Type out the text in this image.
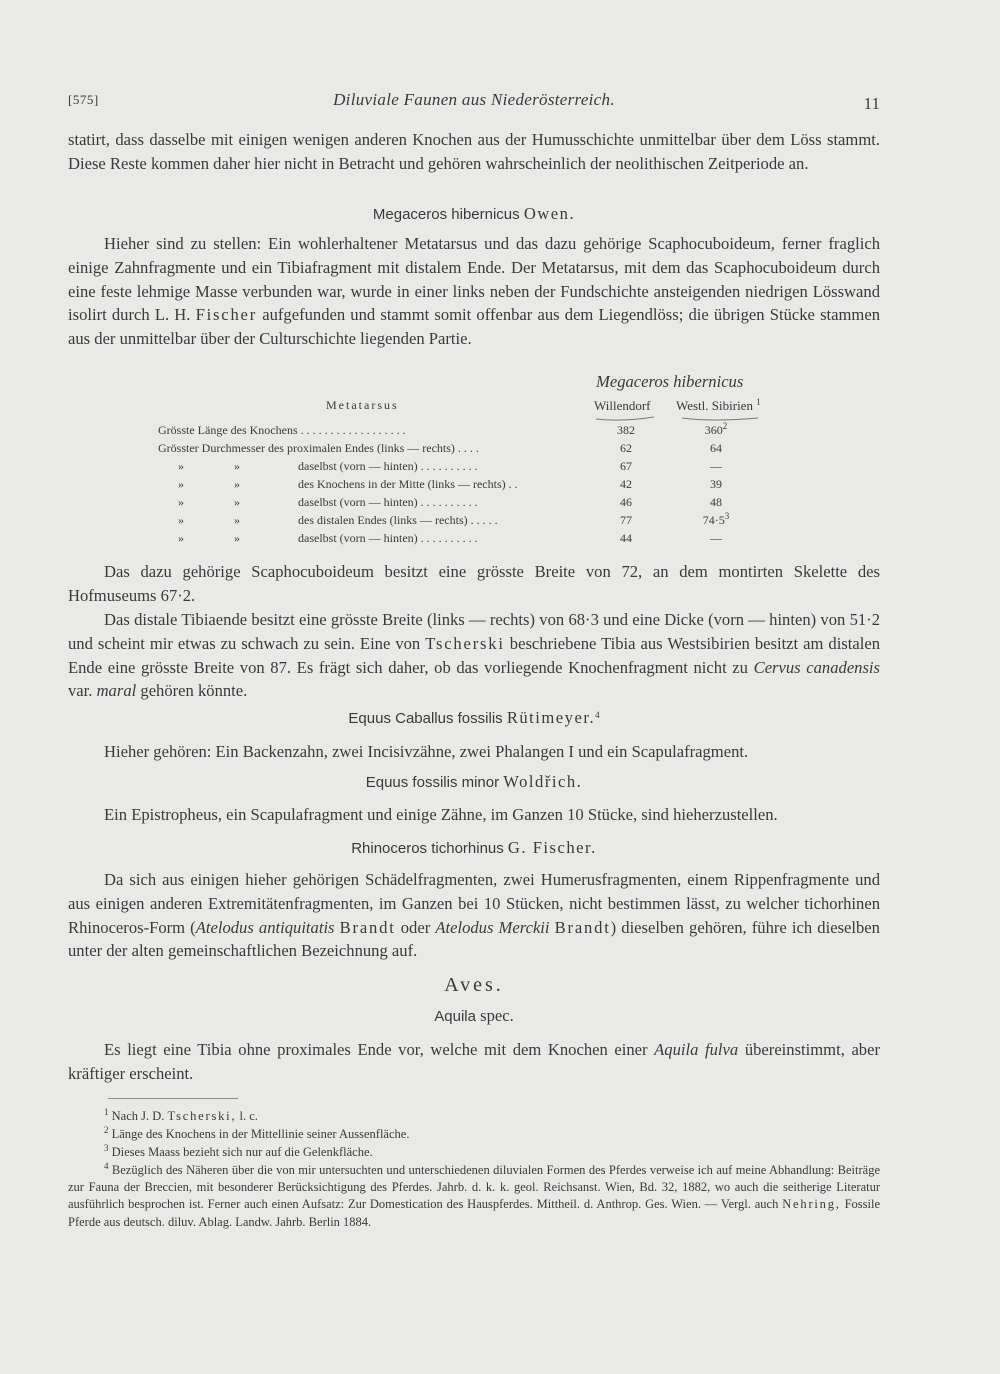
[575]	Diluviale Faunen aus Niederösterreich.	11
statirt, dass dasselbe mit einigen wenigen anderen Knochen aus der Humusschichte unmittelbar über dem Löss stammt. Diese Reste kommen daher hier nicht in Betracht und gehören wahrscheinlich der neolithischen Zeitperiode an.
Megaceros hibernicus Owen.
Hieher sind zu stellen: Ein wohlerhaltener Metatarsus und das dazu gehörige Scaphocuboideum, ferner fraglich einige Zahnfragmente und ein Tibiafragment mit distalem Ende. Der Metatarsus, mit dem das Scaphocuboideum durch eine feste lehmige Masse verbunden war, wurde in einer links neben der Fundschichte ansteigenden niedrigen Lösswand isolirt durch L. H. Fischer aufgefunden und stammt somit offenbar aus dem Liegendlöss; die übrigen Stücke stammen aus der unmittelbar über der Culturschichte liegenden Partie.
Megaceros hibernicus
Metatarsus	Willendorf Westl. Sibirien $^1$
Grösste Länge des Knochens . . . . . . . . . . . . . . . . . .	382	$360^2$
Grösster Durchmesser des proximalen Endes (links — rechts) . . . .	62	64
»	»	daselbst (vorn — hinten) . . . . . . . . . .	67	—
»	»	des Knochens in der Mitte (links — rechts) . .	42	39
»	»	daselbst (vorn — hinten) . . . . . . . . . .	46	48
»	»	des distalen Endes (links — rechts) . . . . .	77	$74\cdot 5^3$
»	»	daselbst (vorn — hinten) . . . . . . . . . .	44	—
Das dazu gehörige Scaphocuboideum besitzt eine grösste Breite von 72, an dem montirten Skelette des Hofmuseums 67·2.
Das distale Tibiaende besitzt eine grösste Breite (links — rechts) von 68·3 und eine Dicke (vorn — hinten) von 51·2 und scheint mir etwas zu schwach zu sein. Eine von Tscherski beschriebene Tibia aus Westsibirien besitzt am distalen Ende eine grösste Breite von 87. Es frägt sich daher, ob das vorliegende Knochenfragment nicht zu Cervus canadensis var. maral gehören könnte.
Equus Caballus fossilis Rütimeyer.$^4$
Hieher gehören: Ein Backenzahn, zwei Incisivzähne, zwei Phalangen I und ein Scapulafragment.
Equus fossilis minor Woldřich.
Ein Epistropheus, ein Scapulafragment und einige Zähne, im Ganzen 10 Stücke, sind hieherzustellen.
Rhinoceros tichorhinus G. Fischer.
Da sich aus einigen hieher gehörigen Schädelfragmenten, zwei Humerusfragmenten, einem Rippenfragmente und aus einigen anderen Extremitätenfragmenten, im Ganzen bei 10 Stücken, nicht bestimmen lässt, zu welcher tichorhinen Rhinoceros-Form (Atelodus antiquitatis Brandt oder Atelodus Merckii Brandt) dieselben gehören, führe ich dieselben unter der alten gemeinschaftlichen Bezeichnung auf.
Aves.
Aquila spec.
Es liegt eine Tibia ohne proximales Ende vor, welche mit dem Knochen einer Aquila fulva übereinstimmt, aber kräftiger erscheint.
$^1$ Nach J. D. Tscherski, l. c.
$^2$ Länge des Knochens in der Mittellinie seiner Aussenfläche.
$^3$ Dieses Maass bezieht sich nur auf die Gelenkfläche.
$^4$ Bezüglich des Näheren über die von mir untersuchten und unterschiedenen diluvialen Formen des Pferdes verweise ich auf meine Abhandlung: Beiträge zur Fauna der Breccien, mit besonderer Berücksichtigung des Pferdes. Jahrb. d. k. k. geol. Reichsanst. Wien, Bd. 32, 1882, wo auch die seitherige Literatur ausführlich besprochen ist. Ferner auch einen Aufsatz: Zur Domestication des Hauspferdes. Mittheil. d. Anthrop. Ges. Wien. — Vergl. auch Nehring, Fossile Pferde aus deutsch. diluv. Ablag. Landw. Jahrb. Berlin 1884.
